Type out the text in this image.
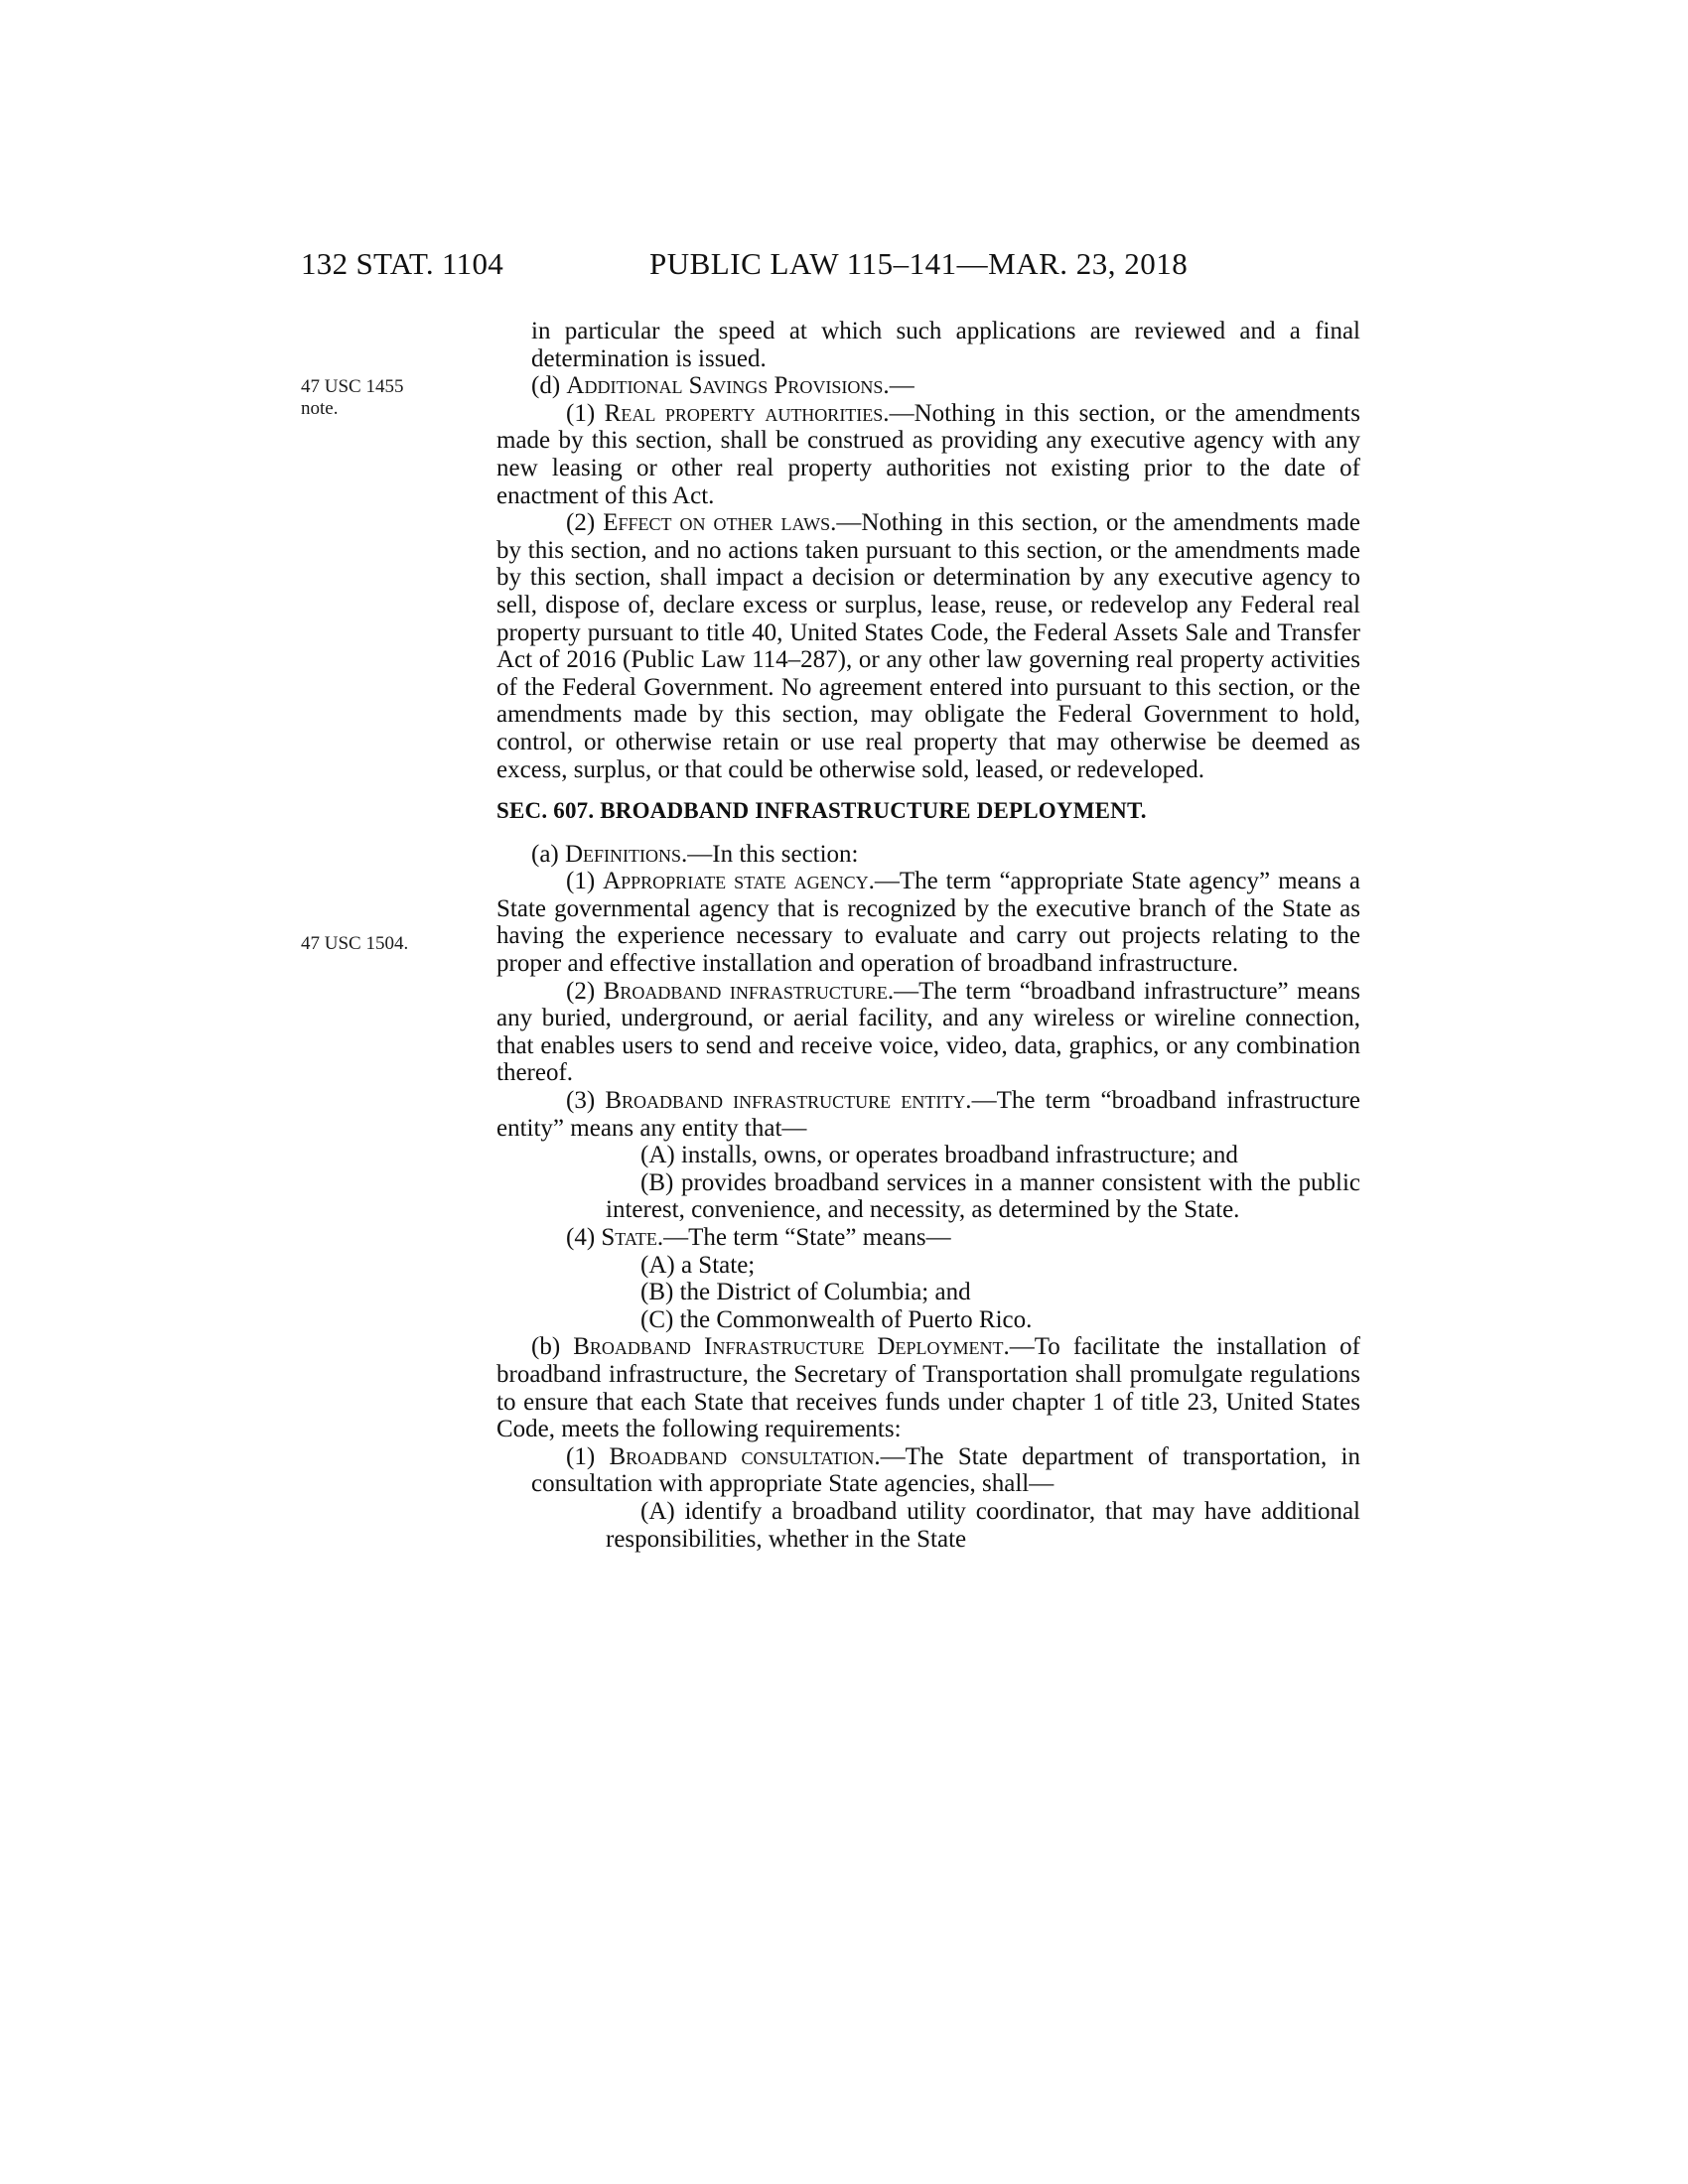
132 STAT. 1104	PUBLIC LAW 115–141—MAR. 23, 2018
47 USC 1455
note.
47 USC 1504.

in particular the speed at which such applications are reviewed and a final determination is issued.

(d) Additional Savings Provisions.—

(1) Real property authorities.—Nothing in this section, or the amendments made by this section, shall be construed as providing any executive agency with any new leasing or other real property authorities not existing prior to the date of enactment of this Act.

(2) Effect on other laws.—Nothing in this section, or the amendments made by this section, and no actions taken pursuant to this section, or the amendments made by this section, shall impact a decision or determination by any executive agency to sell, dispose of, declare excess or surplus, lease, reuse, or redevelop any Federal real property pursuant to title 40, United States Code, the Federal Assets Sale and Transfer Act of 2016 (Public Law 114–287), or any other law governing real property activities of the Federal Government. No agreement entered into pursuant to this section, or the amendments made by this section, may obligate the Federal Government to hold, control, or otherwise retain or use real property that may otherwise be deemed as excess, surplus, or that could be otherwise sold, leased, or redeveloped.

SEC. 607. BROADBAND INFRASTRUCTURE DEPLOYMENT.

(a) Definitions.—In this section:

(1) Appropriate state agency.—The term “appropriate State agency” means a State governmental agency that is recognized by the executive branch of the State as having the experience necessary to evaluate and carry out projects relating to the proper and effective installation and operation of broadband infrastructure.

(2) Broadband infrastructure.—The term “broadband infrastructure” means any buried, underground, or aerial facility, and any wireless or wireline connection, that enables users to send and receive voice, video, data, graphics, or any combination thereof.

(3) Broadband infrastructure entity.—The term “broadband infrastructure entity” means any entity that—

(A) installs, owns, or operates broadband infrastructure; and

(B) provides broadband services in a manner consistent with the public interest, convenience, and necessity, as determined by the State.

(4) State.—The term “State” means—

(A) a State;

(B) the District of Columbia; and

(C) the Commonwealth of Puerto Rico.

(b) Broadband Infrastructure Deployment.—To facilitate the installation of broadband infrastructure, the Secretary of Transportation shall promulgate regulations to ensure that each State that receives funds under chapter 1 of title 23, United States Code, meets the following requirements:

(1) Broadband consultation.—The State department of transportation, in consultation with appropriate State agencies, shall—

(A) identify a broadband utility coordinator, that may have additional responsibilities, whether in the State
